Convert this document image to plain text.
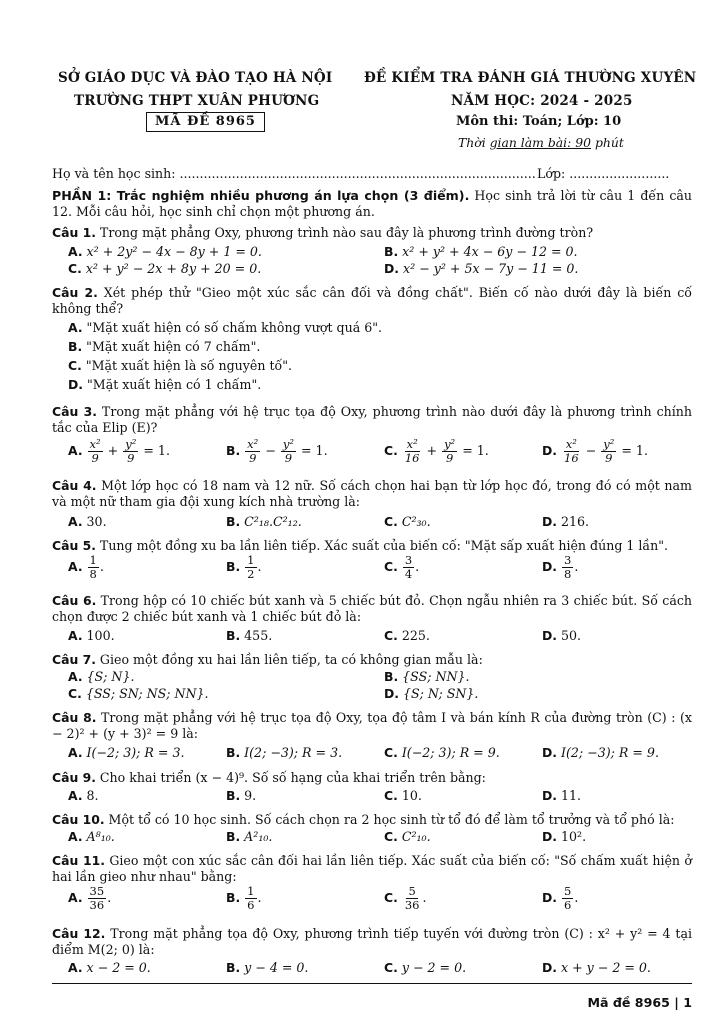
SỞ GIÁO DỤC VÀ ĐÀO TẠO HÀ NỘI
TRƯỜNG THPT XUÂN PHƯƠNG
MÃ ĐỀ 8965
ĐỀ KIỂM TRA ĐÁNH GIÁ THƯỜNG XUYÊN
NĂM HỌC: 2024 - 2025
Môn thi: Toán; Lớp: 10
Thời gian làm bài: 90 phút
Họ và tên học sinh: ......................................................................................... Lớp: .........................
PHẦN 1: Trắc nghiệm nhiều phương án lựa chọn (3 điểm). Học sinh trả lời từ câu 1 đến câu 12. Mỗi câu hỏi, học sinh chỉ chọn một phương án.
Câu 1. Trong mặt phẳng Oxy, phương trình nào sau đây là phương trình đường tròn?
A. x² + 2y² − 4x − 8y + 1 = 0.	B. x² + y² + 4x − 6y − 12 = 0.
C. x² + y² − 2x + 8y + 20 = 0.	D. x² − y² + 5x − 7y − 11 = 0.
Câu 2. Xét phép thử "Gieo một xúc sắc cân đối và đồng chất". Biến cố nào dưới đây là biến cố không thể?
A. "Mặt xuất hiện có số chấm không vượt quá 6".
B. "Mặt xuất hiện có 7 chấm".
C. "Mặt xuất hiện là số nguyên tố".
D. "Mặt xuất hiện có 1 chấm".
Câu 3. Trong mặt phẳng với hệ trục tọa độ Oxy, phương trình nào dưới đây là phương trình chính tắc của Elip (E)?
A. $\frac{\text{x²}}{9} + \frac{\text{y²}}{9} = 1$.	B. $\frac{\text{x²}}{9} - \frac{\text{y²}}{9} = 1$.	C. $\frac{\text{x²}}{16} + \frac{\text{y²}}{9} = 1$.	D. $\frac{\text{x²}}{16} - \frac{\text{y²}}{9} = 1$.
Câu 4. Một lớp học có 18 nam và 12 nữ. Số cách chọn hai bạn từ lớp học đó, trong đó có một nam và một nữ tham gia đội xung kích nhà trường là:
A. 30.	B. C²₁₈.C²₁₂.	C. C²₃₀.	D. 216.
Câu 5. Tung một đồng xu ba lần liên tiếp. Xác suất của biến cố: "Mặt sấp xuất hiện đúng 1 lần".
A. $\frac{1}{8}$ .	B. $\frac{1}{2}$ .	C. $\frac{3}{4}$ .	D. $\frac{3}{8}$ .
Câu 6. Trong hộp có 10 chiếc bút xanh và 5 chiếc bút đỏ. Chọn ngẫu nhiên ra 3 chiếc bút. Số cách chọn được 2 chiếc bút xanh và 1 chiếc bút đỏ là:
A. 100.	B. 455.	C. 225.	D. 50.
Câu 7. Gieo một đồng xu hai lần liên tiếp, ta có không gian mẫu là:
A. {S; N}.	B. {SS; NN}.
C. {SS; SN; NS; NN}.	D. {S; N; SN}.
Câu 8. Trong mặt phẳng với hệ trục tọa độ Oxy, tọa độ tâm I và bán kính R của đường tròn (C) : (x − 2)² + (y + 3)² = 9 là:
A. I(−2; 3); R = 3.	B. I(2; −3); R = 3.	C. I(−2; 3); R = 9.	D. I(2; −3); R = 9.
Câu 9. Cho khai triển (x − 4)⁹. Số số hạng của khai triển trên bằng:
A. 8.	B. 9.	C. 10.	D. 11.
Câu 10. Một tổ có 10 học sinh. Số cách chọn ra 2 học sinh từ tổ đó để làm tổ trưởng và tổ phó là:
A. A⁸₁₀.	B. A²₁₀.	C. C²₁₀.	D. 10².
Câu 11. Gieo một con xúc sắc cân đối hai lần liên tiếp. Xác suất của biến cố: "Số chấm xuất hiện ở hai lần gieo như nhau" bằng:
A. $\frac{35}{36}$ .	B. $\frac{1}{6}$ .	C. $\frac{5}{36}$ .	D. $\frac{5}{6}$ .
Câu 12. Trong mặt phẳng tọa độ Oxy, phương trình tiếp tuyến với đường tròn (C) : x² + y² = 4 tại điểm M(2; 0) là:
A. x − 2 = 0.	B. y − 4 = 0.	C. y − 2 = 0.	D. x + y − 2 = 0.
Mã đề 8965 | 1
